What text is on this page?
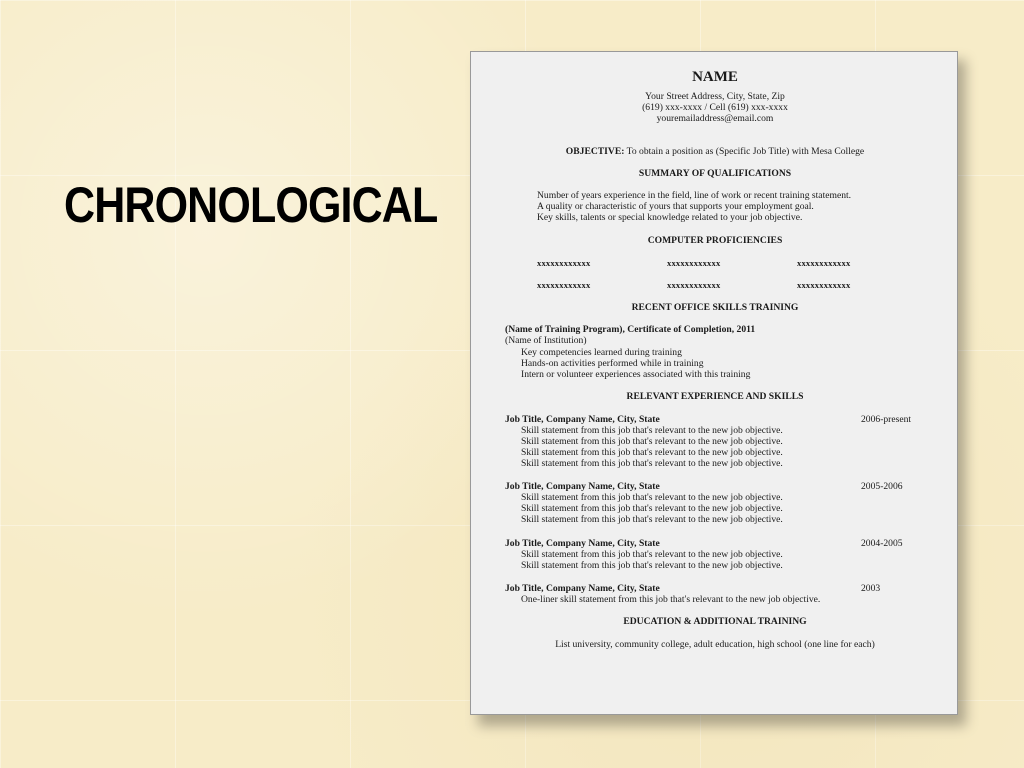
CHRONOLOGICAL
NAME
Your Street Address, City, State, Zip
(619) xxx-xxxx / Cell (619) xxx-xxxx
youremailaddress@email.com
OBJECTIVE: To obtain a position as (Specific Job Title) with Mesa College
SUMMARY OF QUALIFICATIONS
Number of years experience in the field, line of work or recent training statement.
A quality or characteristic of yours that supports your employment goal.
Key skills, talents or special knowledge related to your job objective.
COMPUTER PROFICIENCIES
xxxxxxxxxxxx	xxxxxxxxxxxx	xxxxxxxxxxxx
xxxxxxxxxxxx	xxxxxxxxxxxx	xxxxxxxxxxxx
RECENT OFFICE SKILLS TRAINING
(Name of Training Program), Certificate of Completion, 2011
(Name of Institution)
Key competencies learned during training
Hands-on activities performed while in training
Intern or volunteer experiences associated with this training
RELEVANT EXPERIENCE AND SKILLS
Job Title, Company Name, City, State	2006-present
Skill statement from this job that's relevant to the new job objective.
Skill statement from this job that's relevant to the new job objective.
Skill statement from this job that's relevant to the new job objective.
Skill statement from this job that's relevant to the new job objective.
Job Title, Company Name, City, State	2005-2006
Skill statement from this job that's relevant to the new job objective.
Skill statement from this job that's relevant to the new job objective.
Skill statement from this job that's relevant to the new job objective.
Job Title, Company Name, City, State	2004-2005
Skill statement from this job that's relevant to the new job objective.
Skill statement from this job that's relevant to the new job objective.
Job Title, Company Name, City, State	2003
One-liner skill statement from this job that's relevant to the new job objective.
EDUCATION & ADDITIONAL TRAINING
List university, community college, adult education, high school (one line for each)
